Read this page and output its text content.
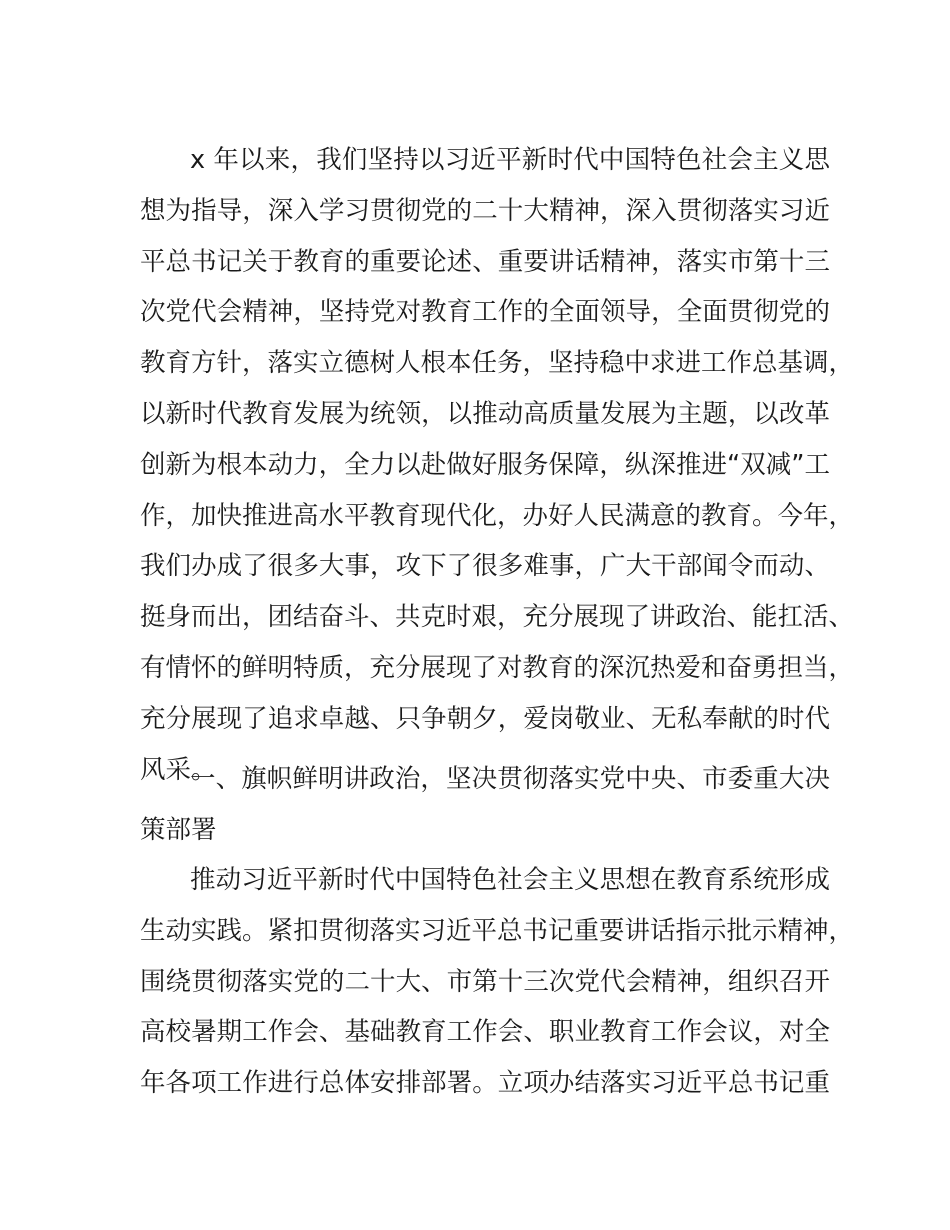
x 年以来，我们坚持以习近平新时代中国特色社会主义思
想为指导，深入学习贯彻党的二十大精神，深入贯彻落实习近
平总书记关于教育的重要论述、重要讲话精神，落实市第十三
次党代会精神，坚持党对教育工作的全面领导，全面贯彻党的
教育方针，落实立德树人根本任务，坚持稳中求进工作总基调，
以新时代教育发展为统领，以推动高质量发展为主题，以改革
创新为根本动力，全力以赴做好服务保障，纵深推进“双减”工
作，加快推进高水平教育现代化，办好人民满意的教育。今年，
我们办成了很多大事，攻下了很多难事，广大干部闻令而动、
挺身而出，团结奋斗、共克时艰，充分展现了讲政治、能扛活、
有情怀的鲜明特质，充分展现了对教育的深沉热爱和奋勇担当，
充分展现了追求卓越、只争朝夕，爱岗敬业、无私奉献的时代
风采。
一、旗帜鲜明讲政治，坚决贯彻落实党中央、市委重大决
策部署
推动习近平新时代中国特色社会主义思想在教育系统形成
生动实践。紧扣贯彻落实习近平总书记重要讲话指示批示精神，
围绕贯彻落实党的二十大、市第十三次党代会精神，组织召开
高校暑期工作会、基础教育工作会、职业教育工作会议，对全
年各项工作进行总体安排部署。立项办结落实习近平总书记重
